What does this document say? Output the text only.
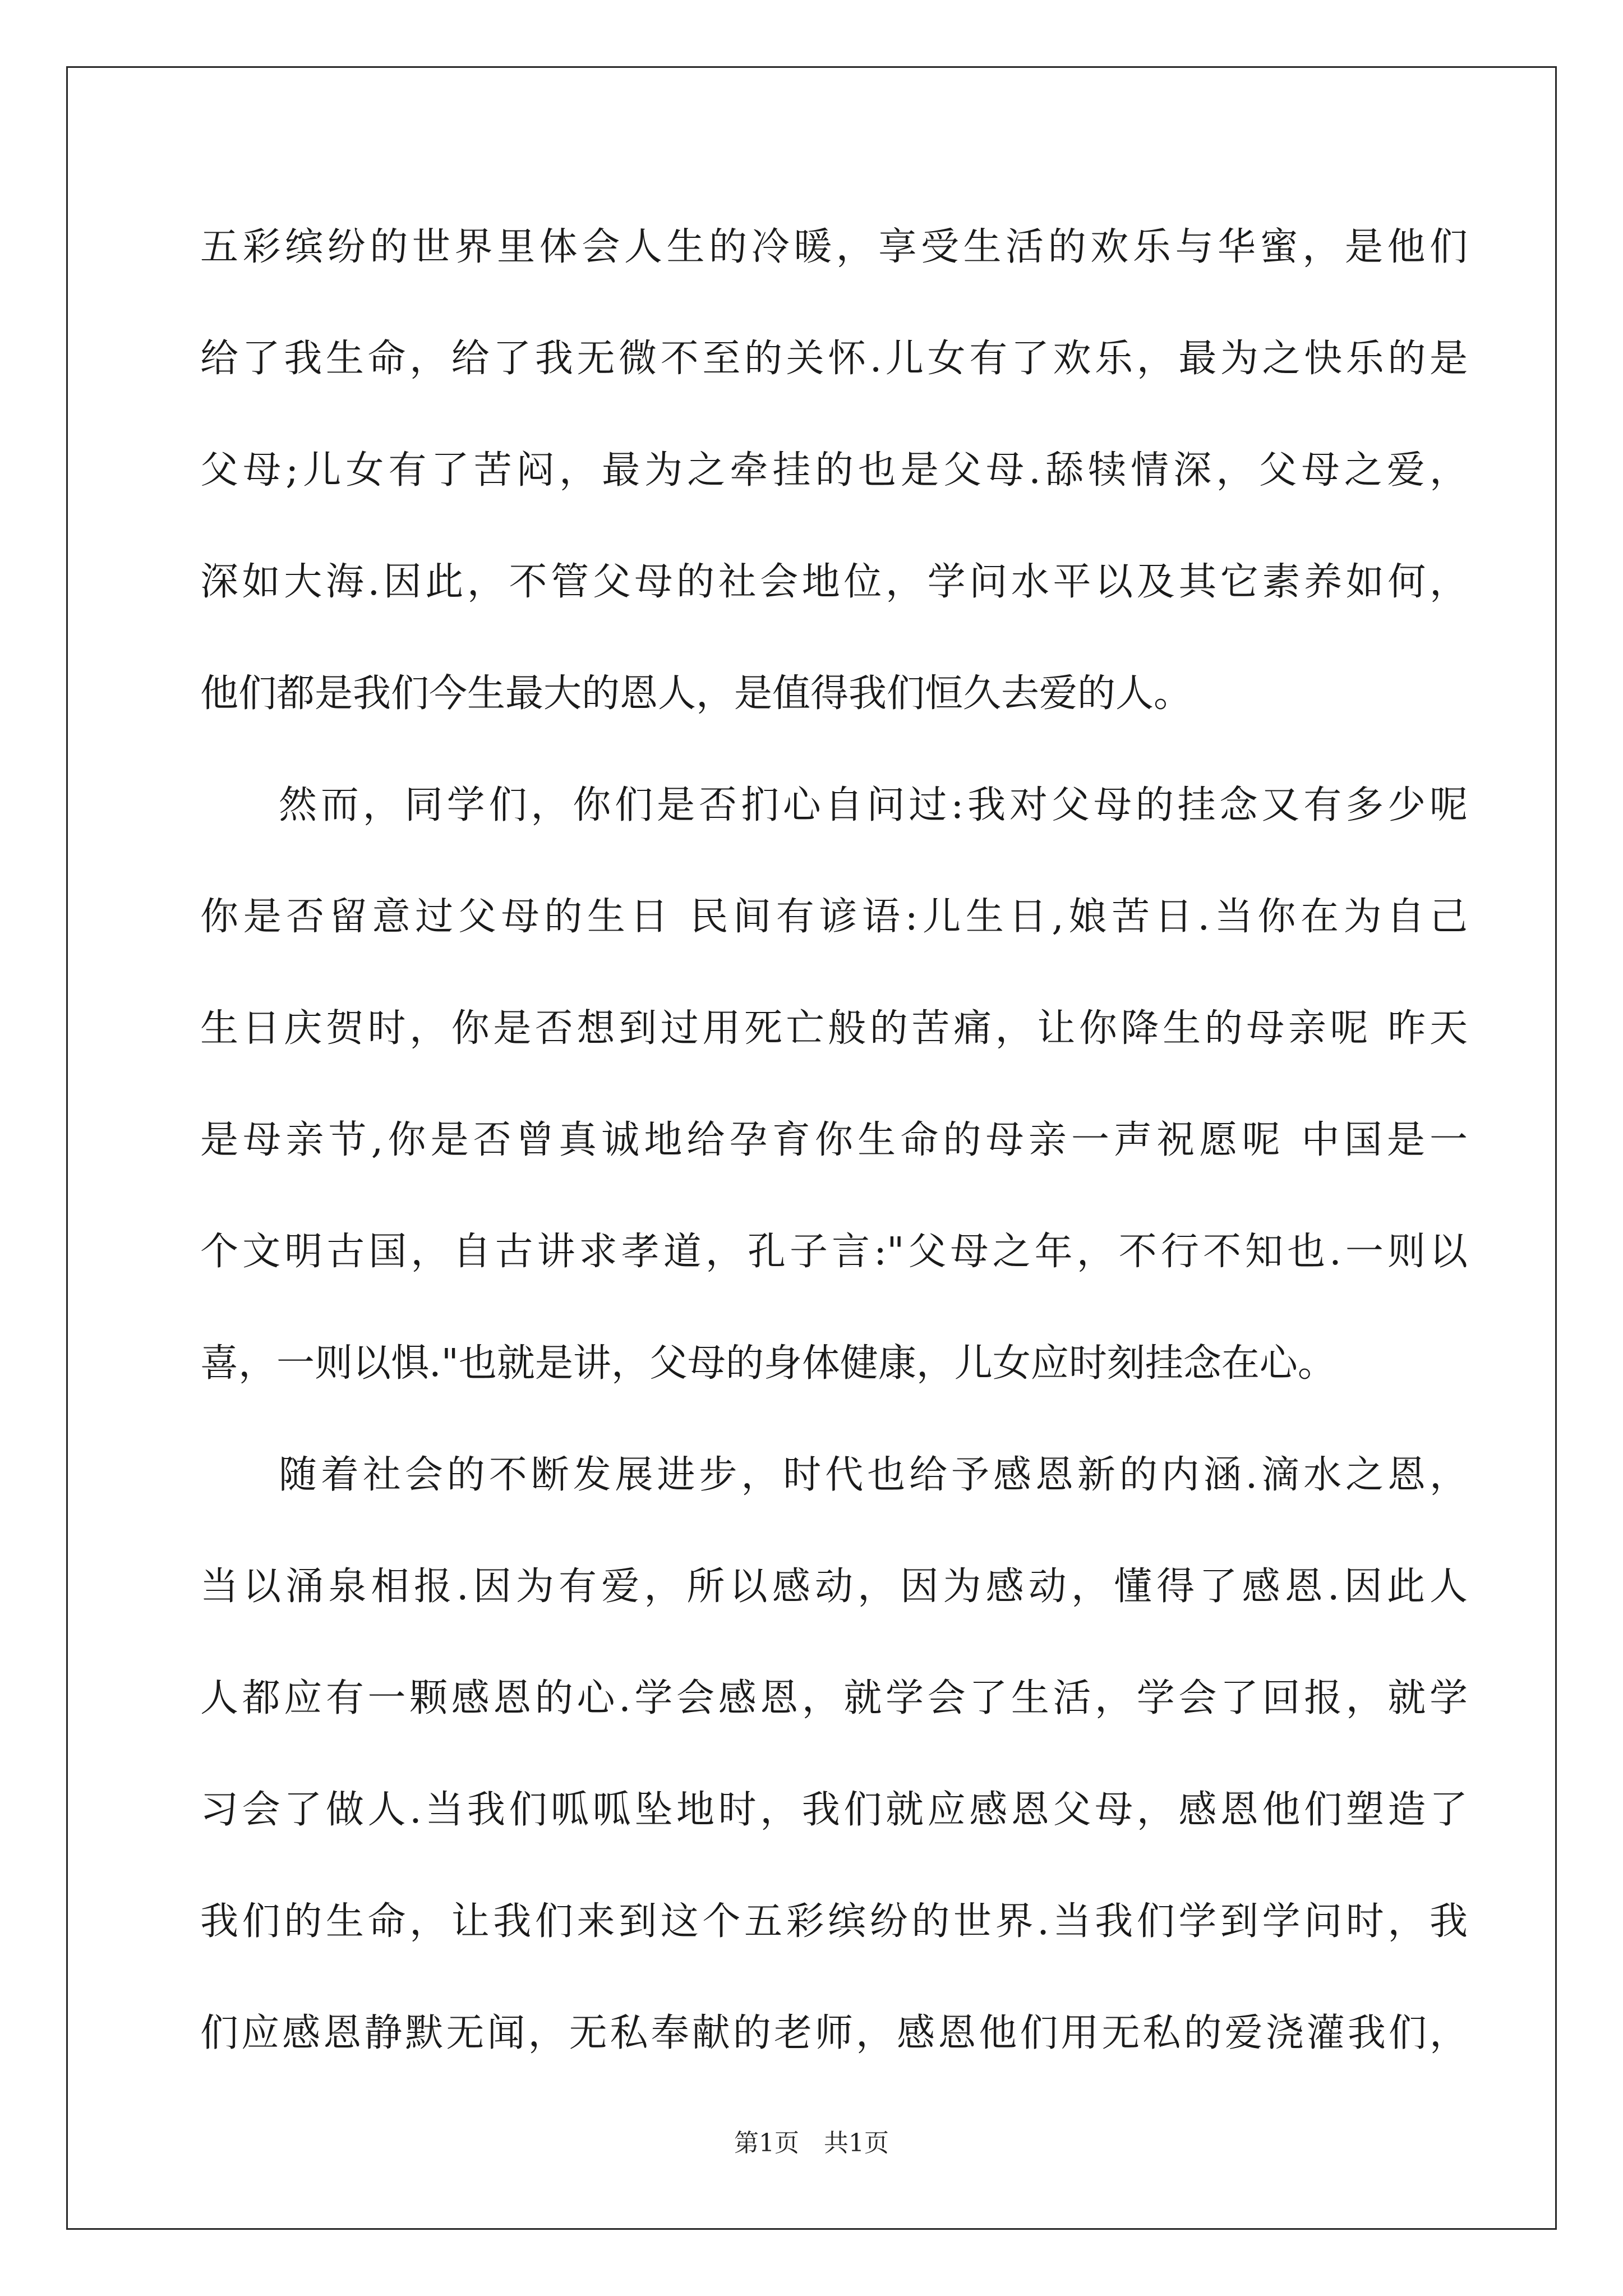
五彩缤纷的世界里体会人生的冷暖，享受生活的欢乐与华蜜，是他们
给了我生命，给了我无微不至的关怀.儿女有了欢乐，最为之快乐的是
父母;儿女有了苦闷，最为之牵挂的也是父母.舔犊情深，父母之爱，
深如大海.因此，不管父母的社会地位，学问水平以及其它素养如何，
他们都是我们今生最大的恩人，是值得我们恒久去爱的人。
然而，同学们，你们是否扪心自问过:我对父母的挂念又有多少呢
你是否留意过父母的生日 民间有谚语:儿生日,娘苦日.当你在为自己
生日庆贺时，你是否想到过用死亡般的苦痛，让你降生的母亲呢 昨天
是母亲节,你是否曾真诚地给孕育你生命的母亲一声祝愿呢 中国是一
个文明古国，自古讲求孝道，孔子言:"父母之年，不行不知也.一则以
喜，一则以惧."也就是讲，父母的身体健康，儿女应时刻挂念在心。
随着社会的不断发展进步，时代也给予感恩新的内涵.滴水之恩，
当以涌泉相报.因为有爱，所以感动，因为感动，懂得了感恩.因此人
人都应有一颗感恩的心.学会感恩，就学会了生活，学会了回报，就学
习会了做人.当我们呱呱坠地时，我们就应感恩父母，感恩他们塑造了
我们的生命，让我们来到这个五彩缤纷的世界.当我们学到学问时，我
们应感恩静默无闻，无私奉献的老师，感恩他们用无私的爱浇灌我们，
第1页　共1页
